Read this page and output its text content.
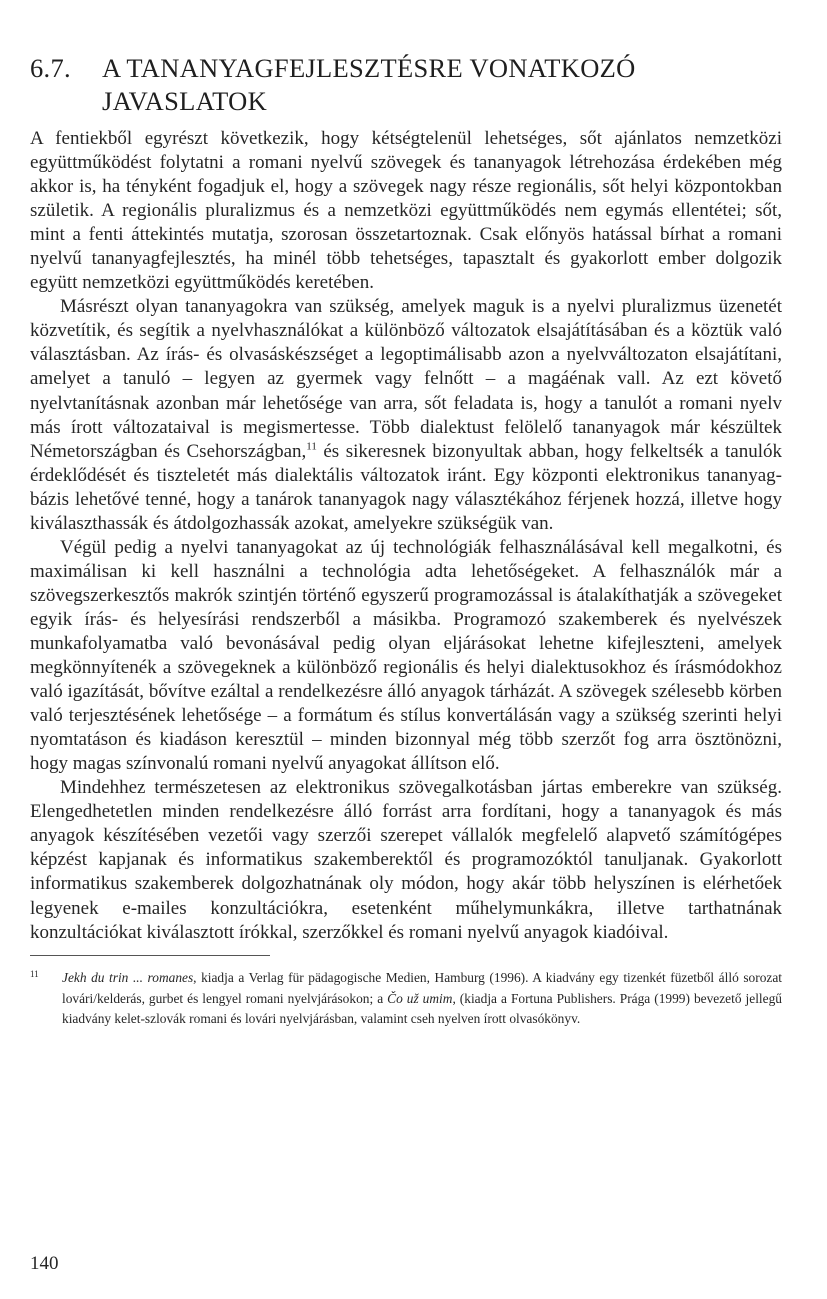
6.7. A TANANYAGFEJLESZTÉSRE VONATKOZÓ
JAVASLATOK

A fentiekből egyrészt következik, hogy kétségtelenül lehetséges, sőt ajánlatos nemzetközi együttműködést folytatni a romani nyelvű szövegek és tananyagok létrehozása érdekében még akkor is, ha tényként fogadjuk el, hogy a szövegek nagy része regionális, sőt helyi központokban születik. A regionális pluralizmus és a nemzetközi együttműködés nem egymás ellentétei; sőt, mint a fenti áttekintés mutatja, szorosan összetartoznak. Csak előnyös hatással bírhat a romani nyelvű tananyagfejlesztés, ha minél több tehetséges, tapasztalt és gyakorlott ember dolgozik együtt nemzetközi együttműködés keretében.

Másrészt olyan tananyagokra van szükség, amelyek maguk is a nyelvi pluralizmus üzenetét közvetítik, és segítik a nyelvhasználókat a különböző változatok elsajátításában és a köztük való választásban. Az írás- és olvasáskészséget a legoptimálisabb azon a nyelvváltozaton elsajátítani, amelyet a tanuló – legyen az gyermek vagy felnőtt – a magáénak vall. Az ezt követő nyelvtanításnak azonban már lehetősége van arra, sőt feladata is, hogy a tanulót a romani nyelv más írott változataival is megismertesse. Több dialektust felölelő tananyagok már készültek Németországban és Csehországban,$^{11}$ és sikeresnek bizonyultak abban, hogy felkeltsék a tanulók érdeklődését és tiszteletét más dialektális változatok iránt. Egy központi elektronikus tananyag-bázis lehetővé tenné, hogy a tanárok tananyagok nagy választékához férjenek hozzá, illetve hogy kiválaszthassák és átdolgozhassák azokat, amelyekre szükségük van.

Végül pedig a nyelvi tananyagokat az új technológiák felhasználásával kell megalkotni, és maximálisan ki kell használni a technológia adta lehetőségeket. A felhasználók már a szövegszerkesztős makrók szintjén történő egyszerű programozással is átalakíthatják a szövegeket egyik írás- és helyesírási rendszerből a másikba. Programozó szakemberek és nyelvészek munkafolyamatba való bevonásával pedig olyan eljárásokat lehetne kifejleszteni, amelyek megkönnyítenék a szövegeknek a különböző regionális és helyi dialektusokhoz és írásmódokhoz való igazítását, bővítve ezáltal a rendelkezésre álló anyagok tárházát. A szövegek szélesebb körben való terjesztésének lehetősége – a formátum és stílus konvertálásán vagy a szükség szerinti helyi nyomtatáson és kiadáson keresztül – minden bizonnyal még több szerzőt fog arra ösztönözni, hogy magas színvonalú romani nyelvű anyagokat állítson elő.

Mindehhez természetesen az elektronikus szövegalkotásban jártas emberekre van szükség. Elengedhetetlen minden rendelkezésre álló forrást arra fordítani, hogy a tananyagok és más anyagok készítésében vezetői vagy szerzői szerepet vállalók megfelelő alapvető számítógépes képzést kapjanak és informatikus szakemberektől és programozóktól tanuljanak. Gyakorlott informatikus szakemberek dolgozhatnának oly módon, hogy akár több helyszínen is elérhetőek legyenek e-mailes konzultációkra, esetenként műhelymunkákra, illetve tarthatnának konzultációkat kiválasztott írókkal, szerzőkkel és romani nyelvű anyagok kiadóival.

11 Jekh du trin ... romanes, kiadja a Verlag für pädagogische Medien, Hamburg (1996). A kiadvány egy tizenkét füzetből álló sorozat lovári/kelderás, gurbet és lengyel romani nyelvjárásokon; a Čo už umim, (kiadja a Fortuna Publishers. Prága (1999) bevezető jellegű kiadvány kelet-szlovák romani és lovári nyelvjárásban, valamint cseh nyelven írott olvasókönyv.

140
